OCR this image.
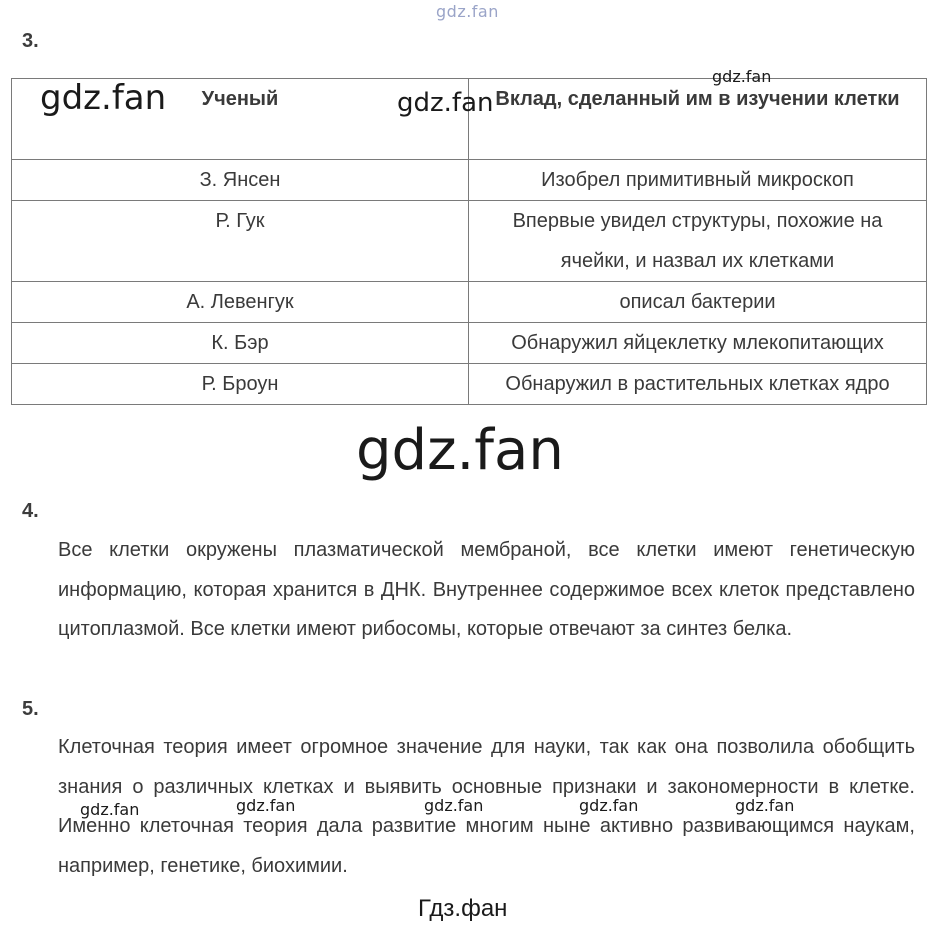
gdz.fan
3.
Ученый	Вклад, сделанный им в изучении клетки
З. Янсен	Изобрел примитивный микроскоп
Р. Гук	Впервые увидел структуры, похожие на ячейки, и назвал их клетками
А. Левенгук	описал бактерии
К. Бэр	Обнаружил яйцеклетку млекопитающих
Р. Броун	Обнаружил в растительных клетках ядро
gdz.fan	gdz.fan
gdz.fan
gdz.fan
4.
Все клетки окружены плазматической мембраной, все клетки имеют генетическую информацию, которая хранится в ДНК. Внутреннее содержимое всех клеток представлено цитоплазмой. Все клетки имеют рибосомы, которые отвечают за синтез белка.
5.
Клеточная теория имеет огромное значение для науки, так как она позволила обобщить знания о различных клетках и выявить основные признаки и закономерности в клетке. Именно клеточная теория дала развитие многим ныне активно развивающимся наукам, например, генетике, биохимии.
gdz.fan	gdz.fan	gdz.fan	gdz.fan	gdz.fan
Гдз.фан
